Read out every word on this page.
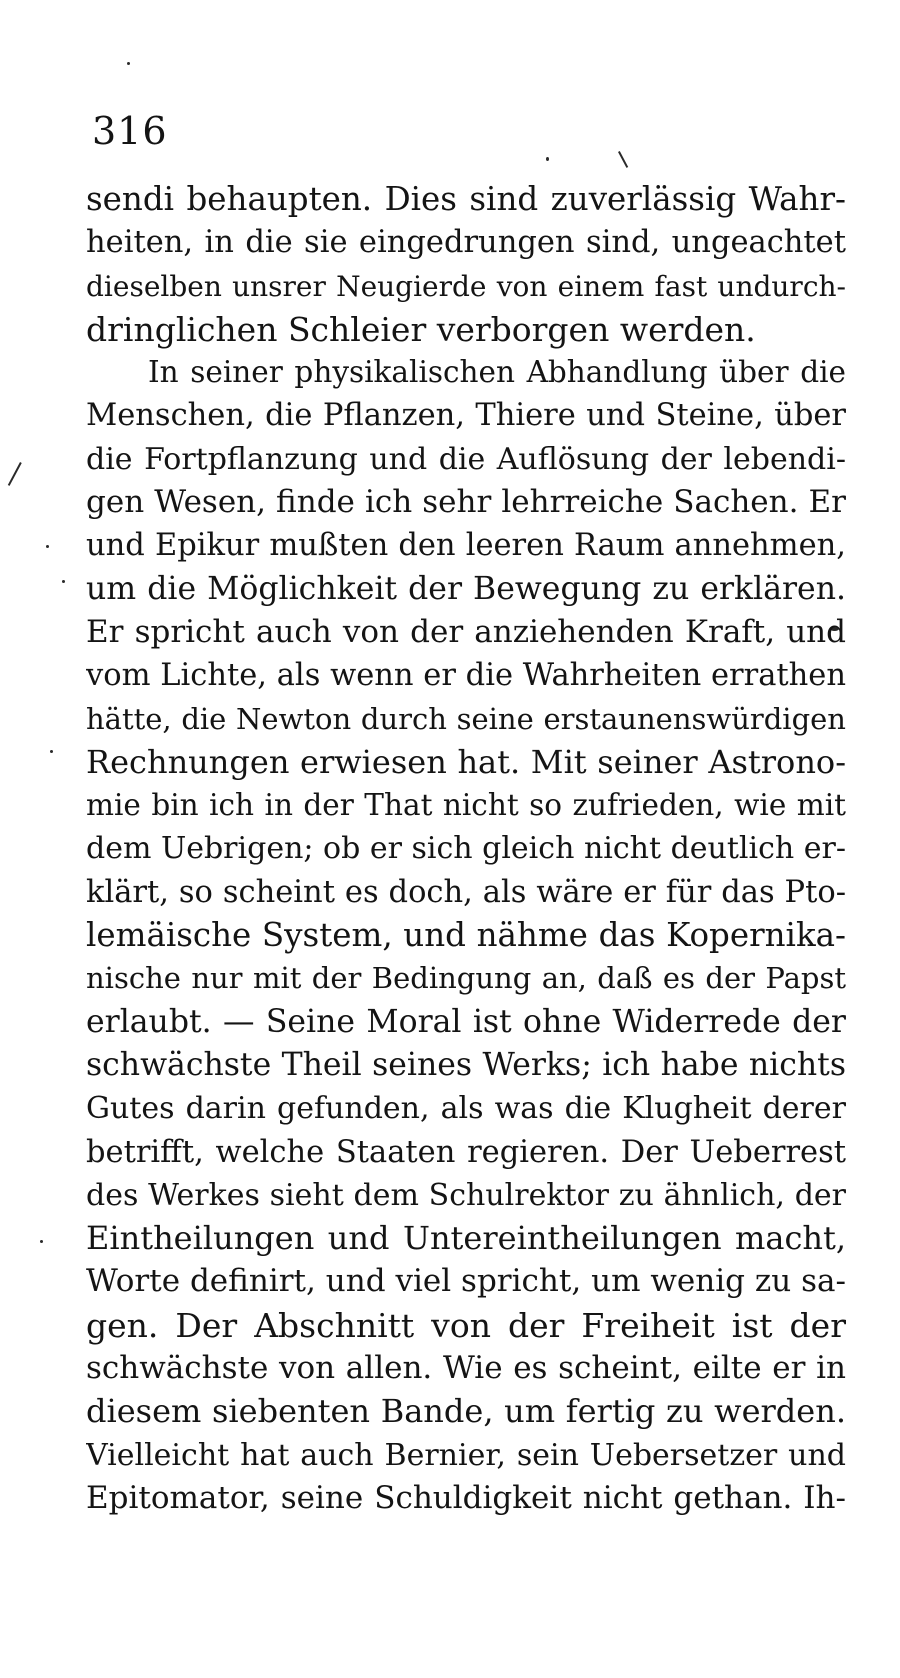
316
sendi behaupten. Dies sind zuverlässig Wahr-
heiten, in die sie eingedrungen sind, ungeachtet
dieselben unsrer Neugierde von einem fast undurch-
dringlichen Schleier verborgen werden.
In seiner physikalischen Abhandlung über die
Menschen, die Pflanzen, Thiere und Steine, über
die Fortpflanzung und die Auflösung der lebendi-
gen Wesen, finde ich sehr lehrreiche Sachen. Er
und Epikur mußten den leeren Raum annehmen,
um die Möglichkeit der Bewegung zu erklären.
Er spricht auch von der anziehenden Kraft, und
vom Lichte, als wenn er die Wahrheiten errathen
hätte, die Newton durch seine erstaunenswürdigen
Rechnungen erwiesen hat. Mit seiner Astrono-
mie bin ich in der That nicht so zufrieden, wie mit
dem Uebrigen; ob er sich gleich nicht deutlich er-
klärt, so scheint es doch, als wäre er für das Pto-
lemäische System, und nähme das Kopernika-
nische nur mit der Bedingung an, daß es der Papst
erlaubt. — Seine Moral ist ohne Widerrede der
schwächste Theil seines Werks; ich habe nichts
Gutes darin gefunden, als was die Klugheit derer
betrifft, welche Staaten regieren. Der Ueberrest
des Werkes sieht dem Schulrektor zu ähnlich, der
Eintheilungen und Untereintheilungen macht,
Worte definirt, und viel spricht, um wenig zu sa-
gen. Der Abschnitt von der Freiheit ist der
schwächste von allen. Wie es scheint, eilte er in
diesem siebenten Bande, um fertig zu werden.
Vielleicht hat auch Bernier, sein Uebersetzer und
Epitomator, seine Schuldigkeit nicht gethan. Ih-
